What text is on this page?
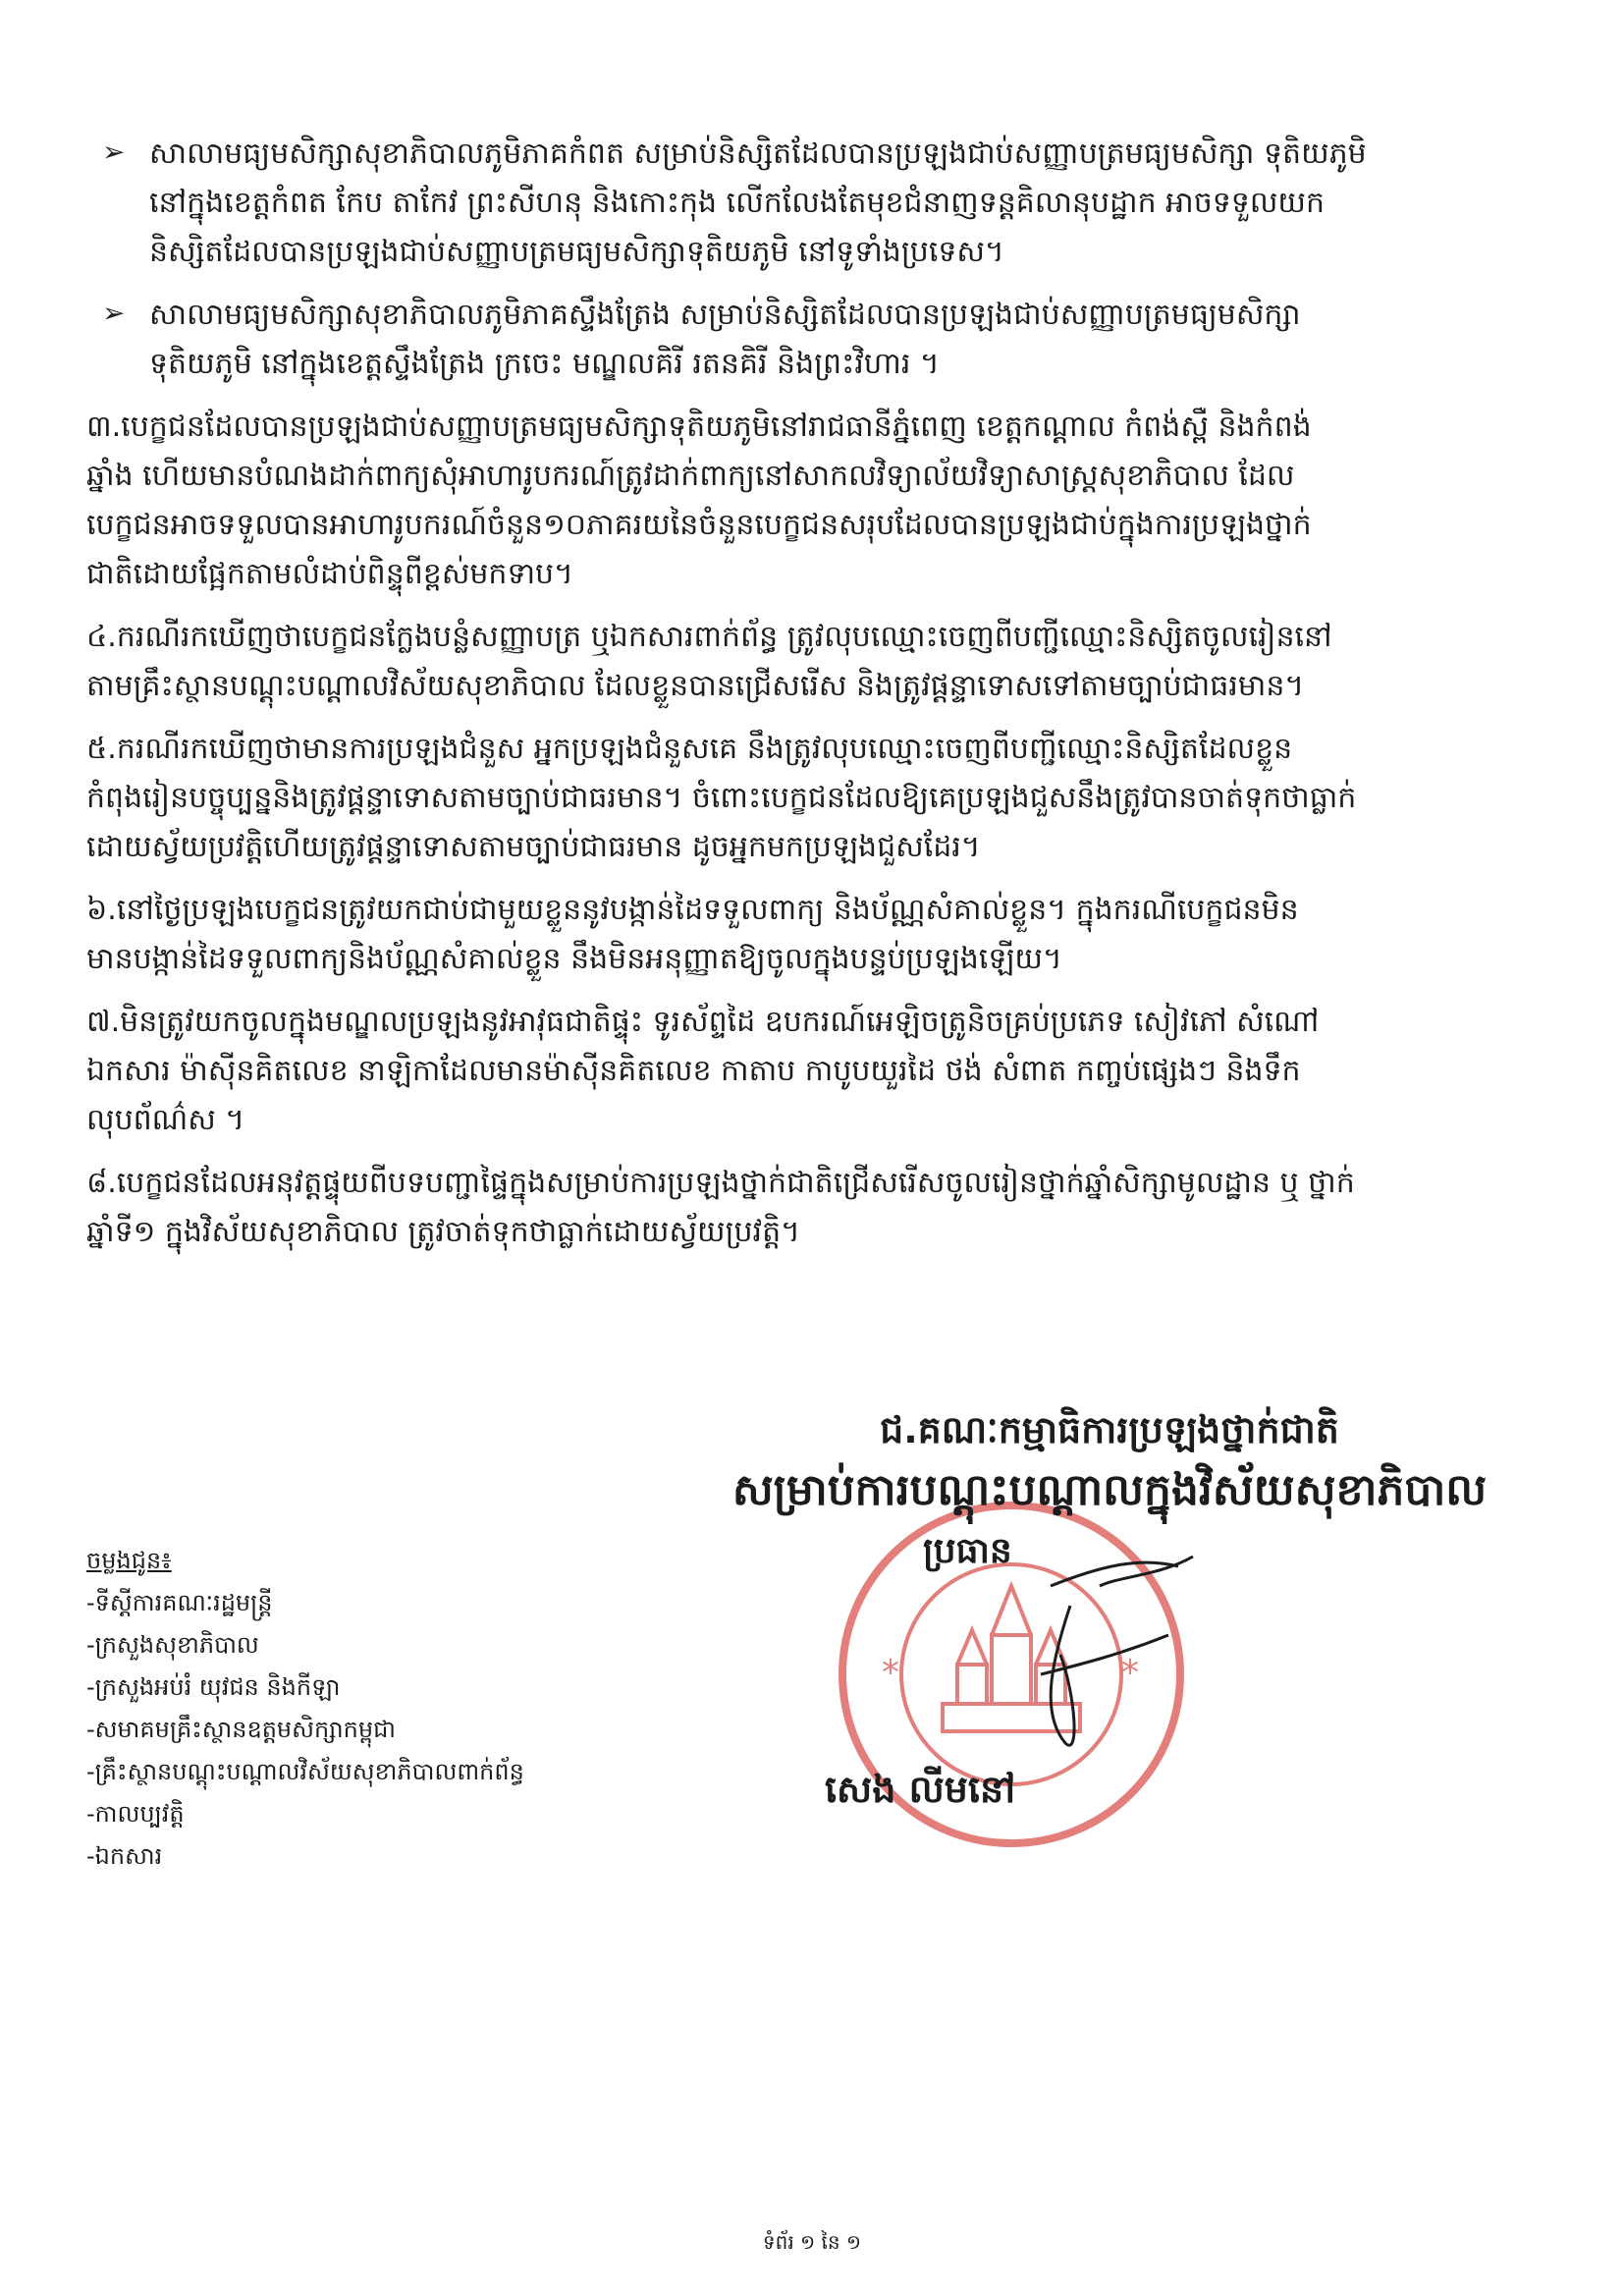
➢ សាលាមធ្យមសិក្សាសុខាភិបាលភូមិភាគកំពត សម្រាប់និស្សិតដែលបានប្រឡងជាប់សញ្ញាបត្រមធ្យមសិក្សា ទុតិយភូមិ
នៅក្នុងខេត្តកំពត កែប តាកែវ ព្រះសីហនុ និងកោះកុង លើកលែងតែមុខជំនាញទន្តគិលានុបដ្ឋាក អាចទទួលយក
និស្សិតដែលបានប្រឡងជាប់សញ្ញាបត្រមធ្យមសិក្សាទុតិយភូមិ នៅទូទាំងប្រទេស។
➢ សាលាមធ្យមសិក្សាសុខាភិបាលភូមិភាគស្ទឹងត្រែង សម្រាប់និស្សិតដែលបានប្រឡងជាប់សញ្ញាបត្រមធ្យមសិក្សា
ទុតិយភូមិ នៅក្នុងខេត្តស្ទឹងត្រែង ក្រចេះ មណ្ឌលគិរី រតនគិរី និងព្រះវិហារ ។
៣.បេក្ខជនដែលបានប្រឡងជាប់សញ្ញាបត្រមធ្យមសិក្សាទុតិយភូមិនៅរាជធានីភ្នំពេញ ខេត្តកណ្តាល កំពង់ស្ពឺ និងកំពង់
ឆ្នាំង ហើយមានបំណងដាក់ពាក្យសុំអាហារូបករណ៍ត្រូវដាក់ពាក្យនៅសាកលវិទ្យាល័យវិទ្យាសាស្ត្រសុខាភិបាល ដែល
បេក្ខជនអាចទទួលបានអាហារូបករណ៍ចំនួន១០ភាគរយនៃចំនួនបេក្ខជនសរុបដែលបានប្រឡងជាប់ក្នុងការប្រឡងថ្នាក់
ជាតិដោយផ្អែកតាមលំដាប់ពិន្ទុពីខ្ពស់មកទាប។
៤.ករណីរកឃើញថាបេក្ខជនក្លែងបន្លំសញ្ញាបត្រ ឬឯកសារពាក់ព័ន្ធ ត្រូវលុបឈ្មោះចេញពីបញ្ជីឈ្មោះនិស្សិតចូលរៀននៅ
តាមគ្រឹះស្ថានបណ្តុះបណ្តាលវិស័យសុខាភិបាល ដែលខ្លួនបានជ្រើសរើស និងត្រូវផ្តន្ទាទោសទៅតាមច្បាប់ជាធរមាន។
៥.ករណីរកឃើញថាមានការប្រឡងជំនួស អ្នកប្រឡងជំនួសគេ នឹងត្រូវលុបឈ្មោះចេញពីបញ្ជីឈ្មោះនិស្សិតដែលខ្លួន
កំពុងរៀនបច្ចុប្បន្ននិងត្រូវផ្តន្ទាទោសតាមច្បាប់ជាធរមាន។ ចំពោះបេក្ខជនដែលឱ្យគេប្រឡងជួសនឹងត្រូវបានចាត់ទុកថាធ្លាក់
ដោយស្វ័យប្រវត្តិហើយត្រូវផ្តន្ទាទោសតាមច្បាប់ជាធរមាន ដូចអ្នកមកប្រឡងជួសដែរ។
៦.នៅថ្ងៃប្រឡងបេក្ខជនត្រូវយកជាប់ជាមួយខ្លួននូវបង្កាន់ដៃទទួលពាក្យ និងប័ណ្ណសំគាល់ខ្លួន។ ក្នុងករណីបេក្ខជនមិន
មានបង្កាន់ដៃទទួលពាក្យនិងប័ណ្ណសំគាល់ខ្លួន នឹងមិនអនុញ្ញាតឱ្យចូលក្នុងបន្ទប់ប្រឡងឡើយ។
៧.មិនត្រូវយកចូលក្នុងមណ្ឌលប្រឡងនូវអាវុធជាតិផ្ទុះ ទូរស័ព្ទដៃ ឧបករណ៍អេឡិចត្រូនិចគ្រប់ប្រភេទ សៀវភៅ សំណៅ
ឯកសារ ម៉ាស៊ីនគិតលេខ នាឡិកាដែលមានម៉ាស៊ីនគិតលេខ កាតាប កាបូបយួរដៃ ថង់ សំពាត កញ្ចប់ផ្សេងៗ និងទឹក
លុបព័ណ៌ស ។
៨.បេក្ខជនដែលអនុវត្តផ្ទុយពីបទបញ្ជាផ្ទៃក្នុងសម្រាប់ការប្រឡងថ្នាក់ជាតិជ្រើសរើសចូលរៀនថ្នាក់ឆ្នាំសិក្សាមូលដ្ឋាន ឬ ថ្នាក់
ឆ្នាំទី១ ក្នុងវិស័យសុខាភិបាល ត្រូវចាត់ទុកថាធ្លាក់ដោយស្វ័យប្រវត្តិ។
*	*
ជ.គណៈកម្មាធិការប្រឡងថ្នាក់ជាតិ
សម្រាប់ការបណ្តុះបណ្តាលក្នុងវិស័យសុខាភិបាល
ប្រធាន
សេង លីមនៅ
ចម្លងជូន៖
-ទីស្តីការគណៈរដ្ឋមន្ត្រី
-ក្រសួងសុខាភិបាល
-ក្រសួងអប់រំ យុវជន និងកីឡា
-សមាគមគ្រឹះស្ថានឧត្តមសិក្សាកម្ពុជា
-គ្រឹះស្ថានបណ្តុះបណ្តាលវិស័យសុខាភិបាលពាក់ព័ន្ធ
-កាលប្បវត្តិ
-ឯកសារ
ទំព័រ ១ នៃ ១
